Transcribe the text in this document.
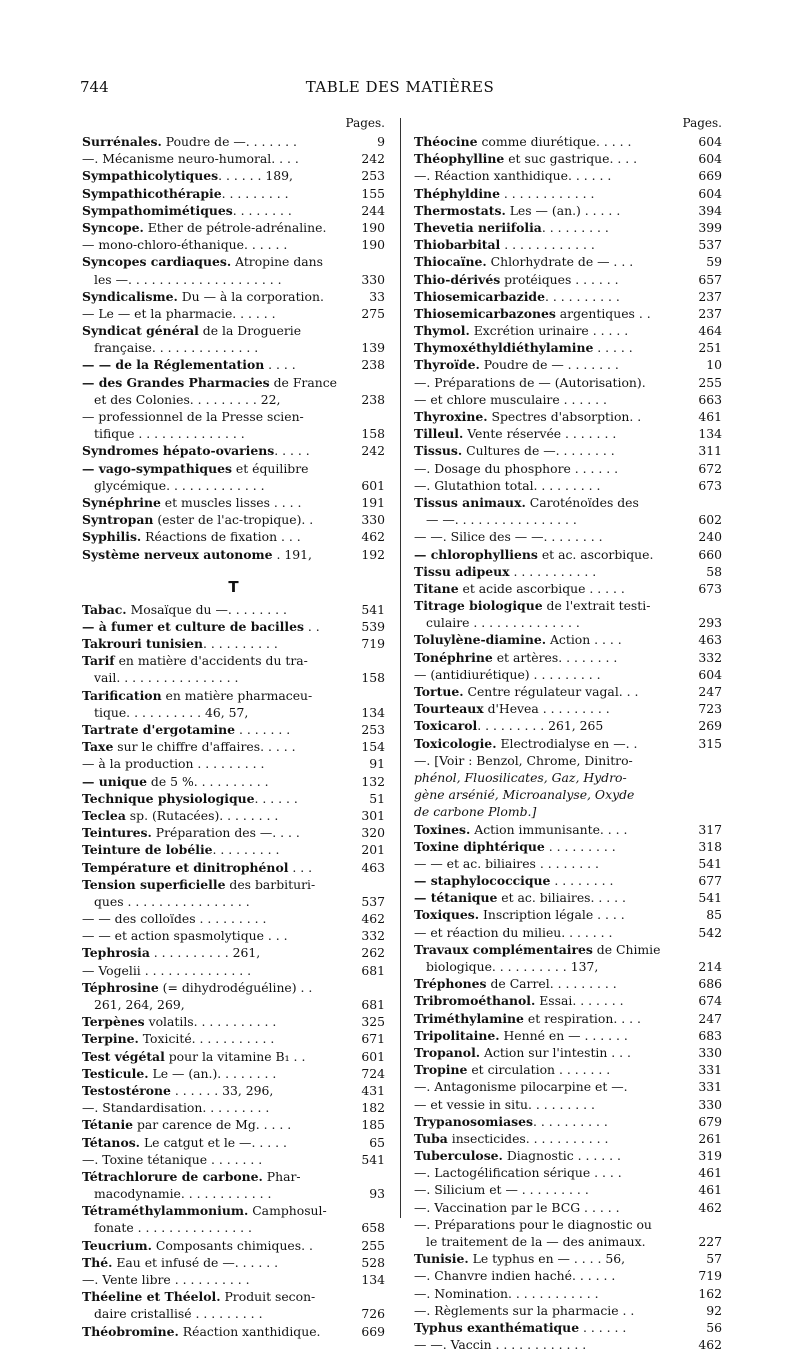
744	TABLE DES MATIÈRES
Pages.
Surrénales. Poudre de —. . . . . . .	9
—. Mécanisme neuro-humoral. . . .	242
Sympathicolytiques. . . . . . 189,	253
Sympathicothérapie. . . . . . . . .	155
Sympathomimétiques. . . . . . . .	244
Syncope. Ether de pétrole-adrénaline.	190
— mono-chloro-éthanique. . . . . .	190
Syncopes cardiaques. Atropine dans
les —. . . . . . . . . . . . . . . . . . . .	330
Syndicalisme. Du — à la corporation.	33
— Le — et la pharmacie. . . . . .	275
Syndicat général de la Droguerie
française. . . . . . . . . . . . . .	139
— — de la Réglementation . . . .	238
— des Grandes Pharmacies de France
et des Colonies. . . . . . . . . 22,	238
— professionnel de la Presse scien-
tifique . . . . . . . . . . . . . .	158
Syndromes hépato-ovariens. . . . .	242
— vago-sympathiques et équilibre
glycémique. . . . . . . . . . . . .	601
Synéphrine et muscles lisses . . . .	191
Syntropan (ester de l'ac-tropique). .	330
Syphilis. Réactions de fixation . . .	462
Système nerveux autonome . 191,	192
T
Tabac. Mosaïque du —. . . . . . . .	541
— à fumer et culture de bacilles . .	539
Takrouri tunisien. . . . . . . . . .	719
Tarif en matière d'accidents du tra-
vail. . . . . . . . . . . . . . . .	158
Tarification en matière pharmaceu-
tique. . . . . . . . . . 46, 57,	134
Tartrate d'ergotamine . . . . . . .	253
Taxe sur le chiffre d'affaires. . . . .	154
— à la production . . . . . . . . .	91
— unique de 5 %. . . . . . . . . .	132
Technique physiologique. . . . . .	51
Teclea sp. (Rutacées). . . . . . . .	301
Teintures. Préparation des —. . . .	320
Teinture de lobélie. . . . . . . . .	201
Température et dinitrophénol . . .	463
Tension superficielle des barbituri-
ques . . . . . . . . . . . . . . . .	537
— — des colloïdes . . . . . . . . .	462
— — et action spasmolytique . . .	332
Tephrosia . . . . . . . . . . 261,	262
— Vogelii . . . . . . . . . . . . . .	681
Téphrosine (= dihydrodéguéline) . .
261, 264, 269,	681
Terpènes volatils. . . . . . . . . . .	325
Terpine. Toxicité. . . . . . . . . . .	671
Test végétal pour la vitamine B₁ . .	601
Testicule. Le — (an.). . . . . . . .	724
Testostérone . . . . . . 33, 296,	431
—. Standardisation. . . . . . . . .	182
Tétanie par carence de Mg. . . . .	185
Tétanos. Le catgut et le —. . . . .	65
—. Toxine tétanique . . . . . . .	541
Tétrachlorure de carbone. Phar-
macodynamie. . . . . . . . . . . .	93
Tétraméthylammonium. Camphosul-
fonate . . . . . . . . . . . . . . .	658
Teucrium. Composants chimiques. .	255
Thé. Eau et infusé de —. . . . . .	528
—. Vente libre . . . . . . . . . .	134
Théeline et Théelol. Produit secon-
daire cristallisé . . . . . . . . .	726
Théobromine. Réaction xanthidique.	669
Pages.
Théocine comme diurétique. . . . .	604
Théophylline et suc gastrique. . . .	604
—. Réaction xanthidique. . . . . .	669
Théphyldine . . . . . . . . . . . .	604
Thermostats. Les — (an.) . . . . .	394
Thevetia neriifolia. . . . . . . . .	399
Thiobarbital . . . . . . . . . . . .	537
Thiocaïne. Chlorhydrate de — . . .	59
Thio-dérivés protéiques . . . . . .	657
Thiosemicarbazide. . . . . . . . . .	237
Thiosemicarbazones argentiques . .	237
Thymol. Excrétion urinaire . . . . .	464
Thymoxéthyldiéthylamine . . . . .	251
Thyroïde. Poudre de — . . . . . . .	10
—. Préparations de — (Autorisation).	255
— et chlore musculaire . . . . . .	663
Thyroxine. Spectres d'absorption. .	461
Tilleul. Vente réservée . . . . . . .	134
Tissus. Cultures de —. . . . . . . .	311
—. Dosage du phosphore . . . . . .	672
—. Glutathion total. . . . . . . . .	673
Tissus animaux. Caroténoïdes des
— —. . . . . . . . . . . . . . . .	602
— —. Silice des — —. . . . . . . .	240
— chlorophylliens et ac. ascorbique.	660
Tissu adipeux . . . . . . . . . . .	58
Titane et acide ascorbique . . . . .	673
Titrage biologique de l'extrait testi-
culaire . . . . . . . . . . . . . .	293
Toluylène-diamine. Action . . . .	463
Tonéphrine et artères. . . . . . . .	332
— (antidiurétique) . . . . . . . . .	604
Tortue. Centre régulateur vagal. . .	247
Tourteaux d'Hevea . . . . . . . . .	723
Toxicarol. . . . . . . . . 261, 265	269
Toxicologie. Electrodialyse en —. .	315
—. [Voir : Benzol, Chrome, Dinitro-
phénol, Fluosilicates, Gaz, Hydro-
gène arsénié, Microanalyse, Oxyde
de carbone Plomb.]
Toxines. Action immunisante. . . .	317
Toxine diphtérique . . . . . . . . .	318
— — et ac. biliaires . . . . . . . .	541
— staphylococcique . . . . . . . .	677
— tétanique et ac. biliaires. . . . .	541
Toxiques. Inscription légale . . . .	85
— et réaction du milieu. . . . . . .	542
Travaux complémentaires de Chimie
biologique. . . . . . . . . . 137,	214
Tréphones de Carrel. . . . . . . . .	686
Tribromoéthanol. Essai. . . . . . .	674
Triméthylamine et respiration. . . .	247
Tripolitaine. Henné en — . . . . . .	683
Tropanol. Action sur l'intestin . . .	330
Tropine et circulation . . . . . . .	331
—. Antagonisme pilocarpine et —.	331
— et vessie in situ. . . . . . . . .	330
Trypanosomiases. . . . . . . . . .	679
Tuba insecticides. . . . . . . . . . .	261
Tuberculose. Diagnostic . . . . . .	319
—. Lactogélification sérique . . . .	461
—. Silicium et — . . . . . . . . .	461
—. Vaccination par le BCG . . . . .	462
—. Préparations pour le diagnostic ou
le traitement de la — des animaux.	227
Tunisie. Le typhus en — . . . . 56,	57
—. Chanvre indien haché. . . . . .	719
—. Nomination. . . . . . . . . . . .	162
—. Règlements sur la pharmacie . .	92
Typhus exanthématique . . . . . .	56
— —. Vaccin . . . . . . . . . . . .	462
